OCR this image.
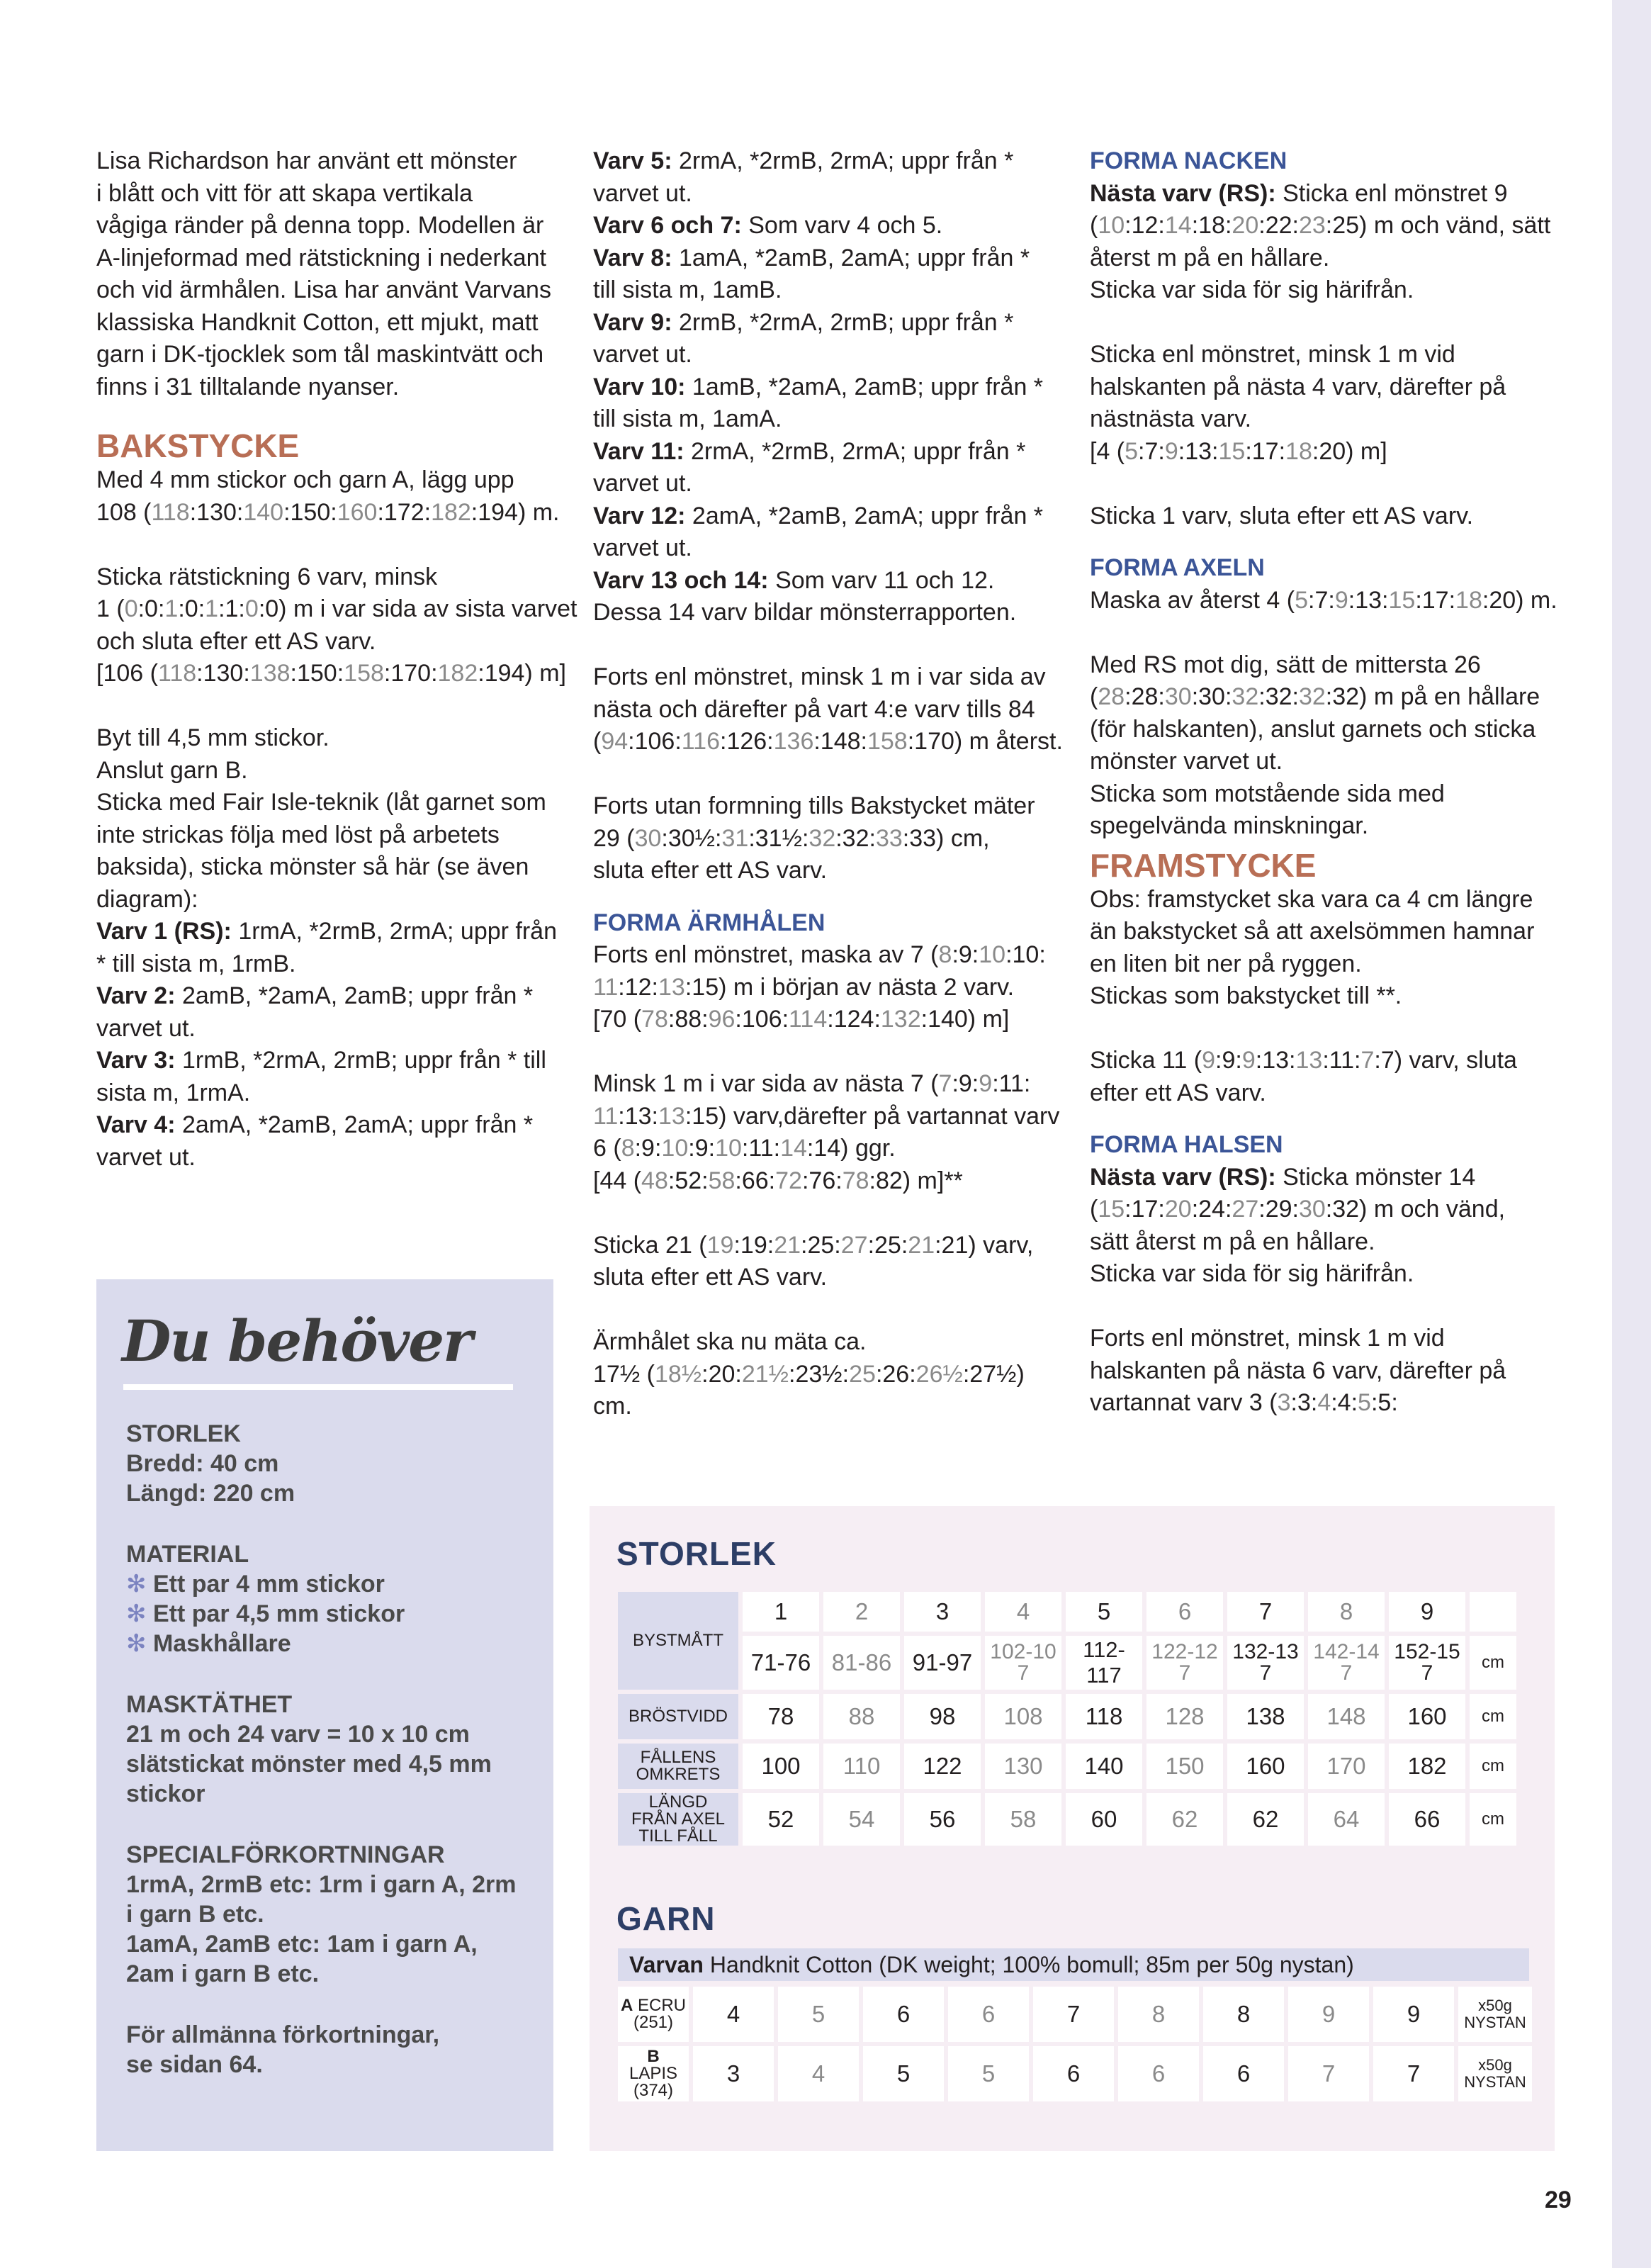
Lisa Richardson har använt ett mönster
i blått och vitt för att skapa vertikala
vågiga ränder på denna topp. Modellen är
A-linjeformad med rätstickning i nederkant
och vid ärmhålen. Lisa har använt Varvans
klassiska Handknit Cotton, ett mjukt, matt
garn i DK-tjocklek som tål maskintvätt och
finns i 31 tilltalande nyanser.
BAKSTYCKE
Med 4 mm stickor och garn A, lägg upp
108 (118:130:140:150:160:172:182:194) m.
Sticka rätstickning 6 varv, minsk
1 (0:0:1:0:1:1:0:0) m i var sida av sista varvet
och sluta efter ett AS varv.
[106 (118:130:138:150:158:170:182:194) m]
Byt till 4,5 mm stickor.
Anslut garn B.
Sticka med Fair Isle-teknik (låt garnet som
inte strickas följa med löst på arbetets
baksida), sticka mönster så här (se även
diagram):
Varv 1 (RS): 1rmA, *2rmB, 2rmA; uppr från
* till sista m, 1rmB.
Varv 2: 2amB, *2amA, 2amB; uppr från *
varvet ut.
Varv 3: 1rmB, *2rmA, 2rmB; uppr från * till
sista m, 1rmA.
Varv 4: 2amA, *2amB, 2amA; uppr från *
varvet ut.
Varv 5: 2rmA, *2rmB, 2rmA; uppr från *
varvet ut.
Varv 6 och 7: Som varv 4 och 5.
Varv 8: 1amA, *2amB, 2amA; uppr från *
till sista m, 1amB.
Varv 9: 2rmB, *2rmA, 2rmB; uppr från *
varvet ut.
Varv 10: 1amB, *2amA, 2amB; uppr från *
till sista m, 1amA.
Varv 11: 2rmA, *2rmB, 2rmA; uppr från *
varvet ut.
Varv 12: 2amA, *2amB, 2amA; uppr från *
varvet ut.
Varv 13 och 14: Som varv 11 och 12.
Dessa 14 varv bildar mönsterrapporten.
Forts enl mönstret, minsk 1 m i var sida av
nästa och därefter på vart 4:e varv tills 84
(94:106:116:126:136:148:158:170) m återst.
Forts utan formning tills Bakstycket mäter
29 (30:30½:31:31½:32:32:33:33) cm,
sluta efter ett AS varv.
FORMA ÄRMHÅLEN
Forts enl mönstret, maska av 7 (8:9:10:10:
11:12:13:15) m i början av nästa 2 varv.
[70 (78:88:96:106:114:124:132:140) m]
Minsk 1 m i var sida av nästa 7 (7:9:9:11:
11:13:13:15) varv,därefter på vartannat varv
6 (8:9:10:9:10:11:14:14) ggr.
[44 (48:52:58:66:72:76:78:82) m]**
Sticka 21 (19:19:21:25:27:25:21:21) varv,
sluta efter ett AS varv.
Ärmhålet ska nu mäta ca.
17½ (18½:20:21½:23½:25:26:26½:27½)
cm.
FORMA NACKEN
Nästa varv (RS): Sticka enl mönstret 9
(10:12:14:18:20:22:23:25) m och vänd, sätt
återst m på en hållare.
Sticka var sida för sig härifrån.
Sticka enl mönstret, minsk 1 m vid
halskanten på nästa 4 varv, därefter på
nästnästa varv.
[4 (5:7:9:13:15:17:18:20) m]
Sticka 1 varv, sluta efter ett AS varv.
FORMA AXELN
Maska av återst 4 (5:7:9:13:15:17:18:20) m.
Med RS mot dig, sätt de mittersta 26
(28:28:30:30:32:32:32:32) m på en hållare
(för halskanten), anslut garnets och sticka
mönster varvet ut.
Sticka som motstående sida med
spegelvända minskningar.
FRAMSTYCKE
Obs: framstycket ska vara ca 4 cm längre
än bakstycket så att axelsömmen hamnar
en liten bit ner på ryggen.
Stickas som bakstycket till **.
Sticka 11 (9:9:9:13:13:11:7:7) varv, sluta
efter ett AS varv.
FORMA HALSEN
Nästa varv (RS): Sticka mönster 14
(15:17:20:24:27:29:30:32) m och vänd,
sätt återst m på en hållare.
Sticka var sida för sig härifrån.
Forts enl mönstret, minsk 1 m vid
halskanten på nästa 6 varv, därefter på
vartannat varv 3 (3:3:4:4:5:5:
Du behöver
STORLEK
Bredd: 40 cm
Längd: 220 cm
MATERIAL
✻ Ett par 4 mm stickor
✻ Ett par 4,5 mm stickor
✻ Maskhållare
MASKTÄTHET
21 m och 24 varv = 10 x 10 cm
slätstickat mönster med 4,5 mm
stickor
SPECIALFÖRKORTNINGAR
1rmA, 2rmB etc: 1rm i garn A, 2rm
i garn B etc.
1amA, 2amB etc: 1am i garn A,
2am i garn B etc.
För allmänna förkortningar,
se sidan 64.
STORLEK
BYSTMÅTT	1	2	3	4	5	6	7	8	9	
	71-76	81-86	91-97	102-107	112-117	122-127	132-137	142-147	152-157	cm
BRÖSTVIDD	78	88	98	108	118	128	138	148	160	cm
FÅLLENS OMKRETS	100	110	122	130	140	150	160	170	182	cm
LÄNGD FRÅN AXEL TILL FÅLL	52	54	56	58	60	62	62	64	66	cm
GARN
Varvan Handknit Cotton (DK weight; 100% bomull; 85m per 50g nystan)
A ECRU
(251)	4	5	6	6	7	8	8	9	9	x50g NYSTAN
B
LAPIS
(374)	3	4	5	5	6	6	6	7	7	x50g NYSTAN
29
